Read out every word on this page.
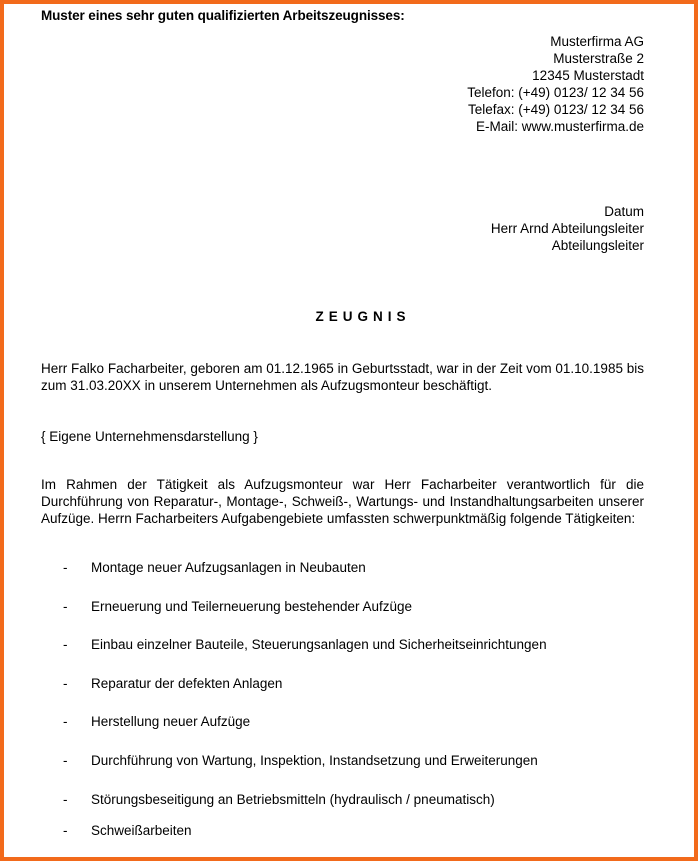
Muster eines sehr guten qualifizierten Arbeitszeugnisses:
Musterfirma AG
Musterstraße 2
12345 Musterstadt
Telefon: (+49) 0123/ 12 34 56
Telefax: (+49) 0123/ 12 34 56
E-Mail: www.musterfirma.de
Datum
Herr Arnd Abteilungsleiter
Abteilungsleiter
ZEUGNIS
Herr Falko Facharbeiter, geboren am 01.12.1965 in Geburtsstadt, war in der Zeit vom 01.10.1985 bis zum 31.03.20XX in unserem Unternehmen als Aufzugsmonteur beschäftigt.
{ Eigene Unternehmensdarstellung }
Im Rahmen der Tätigkeit als Aufzugsmonteur war Herr Facharbeiter verantwortlich für die Durchführung von Reparatur-, Montage-, Schweiß-, Wartungs- und Instandhaltungsarbeiten unserer Aufzüge. Herrn Facharbeiters Aufgabengebiete umfassten schwerpunktmäßig folgende Tätigkeiten:
- Montage neuer Aufzugsanlagen in Neubauten
- Erneuerung und Teilerneuerung bestehender Aufzüge
- Einbau einzelner Bauteile, Steuerungsanlagen und Sicherheitseinrichtungen
- Reparatur der defekten Anlagen
- Herstellung neuer Aufzüge
- Durchführung von Wartung, Inspektion, Instandsetzung und Erweiterungen
- Störungsbeseitigung an Betriebsmitteln (hydraulisch / pneumatisch)
- Schweißarbeiten
